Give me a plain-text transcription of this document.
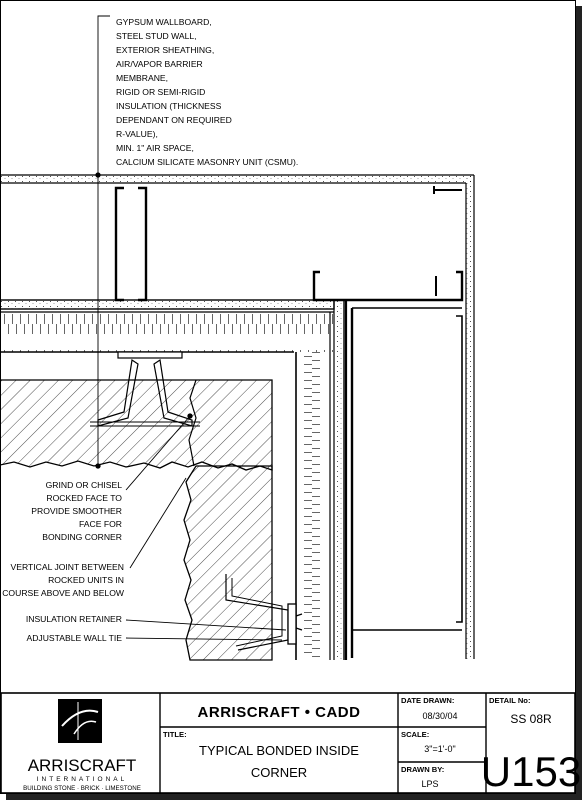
GYPSUM WALLBOARD,
STEEL STUD WALL,
EXTERIOR SHEATHING,
AIR/VAPOR BARRIER
MEMBRANE,
RIGID OR SEMI-RIGID
INSULATION (THICKNESS
DEPENDANT ON REQUIRED
R-VALUE),
MIN. 1" AIR SPACE,
CALCIUM SILICATE MASONRY UNIT (CSMU).
GRIND OR CHISEL
ROCKED FACE TO
PROVIDE SMOOTHER
FACE FOR
BONDING CORNER
VERTICAL JOINT BETWEEN
ROCKED UNITS IN
COURSE ABOVE AND BELOW
INSULATION RETAINER
ADJUSTABLE WALL TIE
ARRISCRAFT
INTERNATIONAL
BUILDING STONE · BRICK · LIMESTONE
ARRISCRAFT • CADD
TITLE:
TYPICAL BONDED INSIDE
CORNER
DATE DRAWN:
08/30/04
SCALE:
3"=1'-0"
DRAWN BY:
LPS
DETAIL No:
SS 08R
U153
